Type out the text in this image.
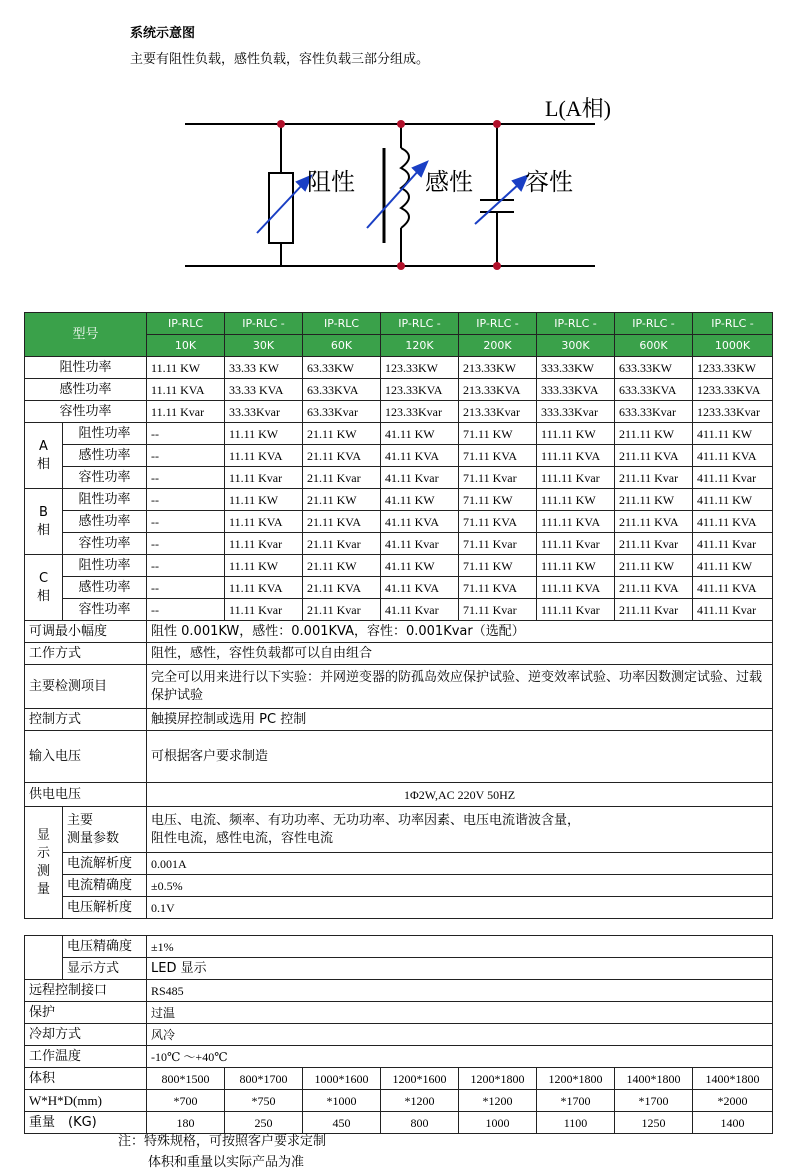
系统示意图
主要有阻性负载，感性负载，容性负载三部分组成。
L(A相)
阻性	感性 容性
型号		IP-RLC	IP-RLC -	IP-RLC	IP-RLC -	IP-RLC -	IP-RLC -	IP-RLC -	IP-RLC -
		10K	30K	60K	120K	200K	300K	600K	1000K
阻性功率		11.11 KW	33.33 KW	63.33KW	123.33KW	213.33KW	333.33KW	633.33KW	1233.33KW
感性功率		11.11 KVA	33.33 KVA	63.33KVA	123.33KVA	213.33KVA	333.33KVA	633.33KVA	1233.33KVA
容性功率		11.11 Kvar	33.33Kvar	63.33Kvar	123.33Kvar	213.33Kvar	333.33Kvar	633.33Kvar	1233.33Kvar
A
相	阻性功率	--	11.11 KW	21.11 KW	41.11 KW	71.11 KW	111.11 KW	211.11 KW	411.11 KW
	感性功率	--	11.11 KVA	21.11 KVA	41.11 KVA	71.11 KVA	111.11 KVA	211.11 KVA	411.11 KVA
	容性功率	--	11.11 Kvar	21.11 Kvar	41.11 Kvar	71.11 Kvar	111.11 Kvar	211.11 Kvar	411.11 Kvar
B
相	阻性功率	--	11.11 KW	21.11 KW	41.11 KW	71.11 KW	111.11 KW	211.11 KW	411.11 KW
	感性功率	--	11.11 KVA	21.11 KVA	41.11 KVA	71.11 KVA	111.11 KVA	211.11 KVA	411.11 KVA
	容性功率	--	11.11 Kvar	21.11 Kvar	41.11 Kvar	71.11 Kvar	111.11 Kvar	211.11 Kvar	411.11 Kvar
C
相	阻性功率	--	11.11 KW	21.11 KW	41.11 KW	71.11 KW	111.11 KW	211.11 KW	411.11 KW
	感性功率	--	11.11 KVA	21.11 KVA	41.11 KVA	71.11 KVA	111.11 KVA	211.11 KVA	411.11 KVA
	容性功率	--	11.11 Kvar	21.11 Kvar	41.11 Kvar	71.11 Kvar	111.11 Kvar	211.11 Kvar	411.11 Kvar
可调最小幅度		阻性 0.001KW，感性：0.001KVA，容性：0.001Kvar（选配）							
工作方式		阻性，感性，容性负载都可以自由组合							
主要检测项目		完全可以用来进行以下实验：并网逆变器的防孤岛效应保护试验、逆变效率试验、功率因数测定试验、过载保护试验							
控制方式		触摸屏控制或选用 PC 控制							
输入电压		可根据客户要求制造							
供电电压		1Φ2W,AC 220V 50HZ							
显
示
测
量	主要
测量参数	电压、电流、频率、有功功率、无功功率、功率因素、电压电流谐波含量，
阻性电流，感性电流，容性电流							
	电流解析度	0.001A							
	电流精确度	±0.5%							
	电压解析度	0.1V							
	电压精确度	±1%							
	显示方式	LED 显示							
远程控制接口		RS485							
保护		过温							
冷却方式		风冷							
工作温度		-10℃ ～+40℃							
体积		800*1500	800*1700	1000*1600	1200*1600	1200*1800	1200*1800	1400*1800	1400*1800
W*H*D(mm)		*700	*750	*1000	*1200	*1200	*1700	*1700	*2000
重量　(KG)		180	250	450	800	1000	1100	1250	1400
注：特殊规格，可按照客户要求定制
体积和重量以实际产品为准
